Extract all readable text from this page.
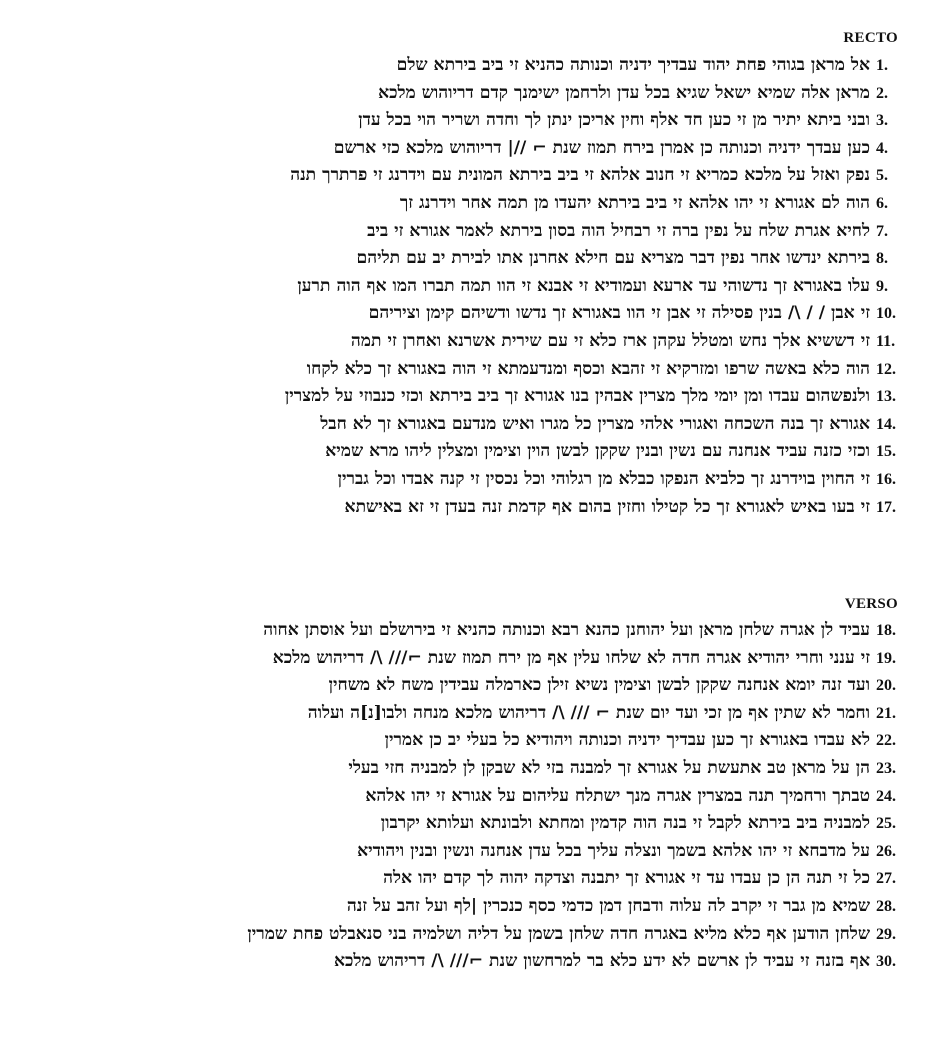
RECTO
אל מראן בגוהי פחת יהוד עבדיך ידניה וכנותה כהניא זי ביב בירתא שלם 1.
מראן אלה שמיא ישאל שגיא בכל עדן ולרחמן ישימנך קדם דריוהוש מלכא 2.
ובני ביתא יתיר מן זי כען חד אלף וחין אריכן ינתן לך וחדה ושריר הוי בכל עדן 3.
כען עבדך ידניה וכנותה כן אמרן בירח תמוז שנת ⌐ //| דריוהוש מלכא כזי ארשם 4.
נפק ואזל על מלכא כמריא זי חנוב אלהא זי ביב בירתא המונית עם וידרנג זי פרתרך תנה 5.
הוה לם אגורא זי יהו אלהא זי ביב בירתא יהעדו מן תמה אחר וידרנג זך 6.
לחיא אגרת שלח על נפין ברה זי רבחיל הוה בסון בירתא לאמר אגורא זי ביב 7.
בירתא ינדשו אחר נפין דבר מצריא עם חילא אחרנן אתו לבירת יב עם תליהם 8.
עלו באגורא זך נדשוהי עד ארעא ועמודיא זי אבנא זי הוו תמה תברו המו אף הוה תרען 9.
זי אבן / / \/ בנין פסילה זי אבן זי הוו באגורא זך נדשו ודשיהם קימן וציריהם 10.
זי דששיא אלך נחש ומטלל עקהן ארז כלא זי עם שירית אשרנא ואחרן זי תמה 11.
הוה כלא באשה שרפו ומזרקיא זי זהבא וכסף ומנדעמתא זי הוה באגורא זך כלא לקחו 12.
ולנפשהום עבדו ומן יומי מלך מצרין אבהין בנו אגורא זך ביב בירתא וכזי כנבוזי על למצרין 13.
אגורא זך בנה השכחה ואגורי אלהי מצרין כל מגרו ואיש מנדעם באגורא זך לא חבל 14.
וכזי כזנה עביד אנחנה עם נשין ובנין שקקן לבשן הוין וצימין ומצלין ליהו מרא שמיא 15.
זי החוין בוידרנג זך כלביא הנפקו כבלא מן רגלוהי וכל נכסין זי קנה אבדו וכל גברין 16.
זי בעו באיש לאגורא זך כל קטילו וחזין בהום אף קדמת זנה בעדן זי זא באישתא 17.
VERSO
עביד לן אגרה שלחן מראן ועל יהוחנן כהנא רבא וכנותה כהניא זי בירושלם ועל אוסתן אחוה 18.
זי ענני וחרי יהודיא אגרה חדה לא שלחו עלין אף מן ירח תמוז שנת ⌐/// \/ דריהוש מלכא 19.
ועד זנה יומא אנחנה שקקן לבשן וצימין נשיא זילן כארמלה עבידין משח לא משחין 20.
וחמר לא שתין אף מן זכי ועד יום שנת ⌐ /// \/ דריהוש מלכא מנחה ולבו[נ]ה ועלוה 21.
לא עבדו באגורא זך כען עבדיך ידניה וכנותה ויהודיא כל בעלי יב כן אמרין 22.
הן על מראן טב אתעשת על אגורא זך למבנה בזי לא שבקן לן למבניה חזי בעלי 23.
טבתך ורחמיך תנה במצרין אגרה מנך ישתלח עליהום על אגורא זי יהו אלהא 24.
למבניה ביב בירתא לקבל זי בנה הוה קדמין ומחתא ולבונתא ועלותא יקרבון 25.
על מדבחא זי יהו אלהא בשמך ונצלה עליך בכל עדן אנחנה ונשין ובנין ויהודיא 26.
כל זי תנה הן כן עבדו עד זי אגורא זך יתבנה וצדקה יהוה לך קדם יהו אלה 27.
שמיא מן גבר זי יקרב לה עלוה ודבחן דמן כדמי כסף כנכרין |לף ועל זהב על זנה 28.
שלחן הודען אף כלא מליא באגרה חדה שלחן בשמן על דליה ושלמיה בני סנאבלט פחת שמרין 29.
אף בזנה זי עביד לן ארשם לא ידע כלא בר למרחשון שנת ⌐/// \/ דריהוש מלכא 30.
